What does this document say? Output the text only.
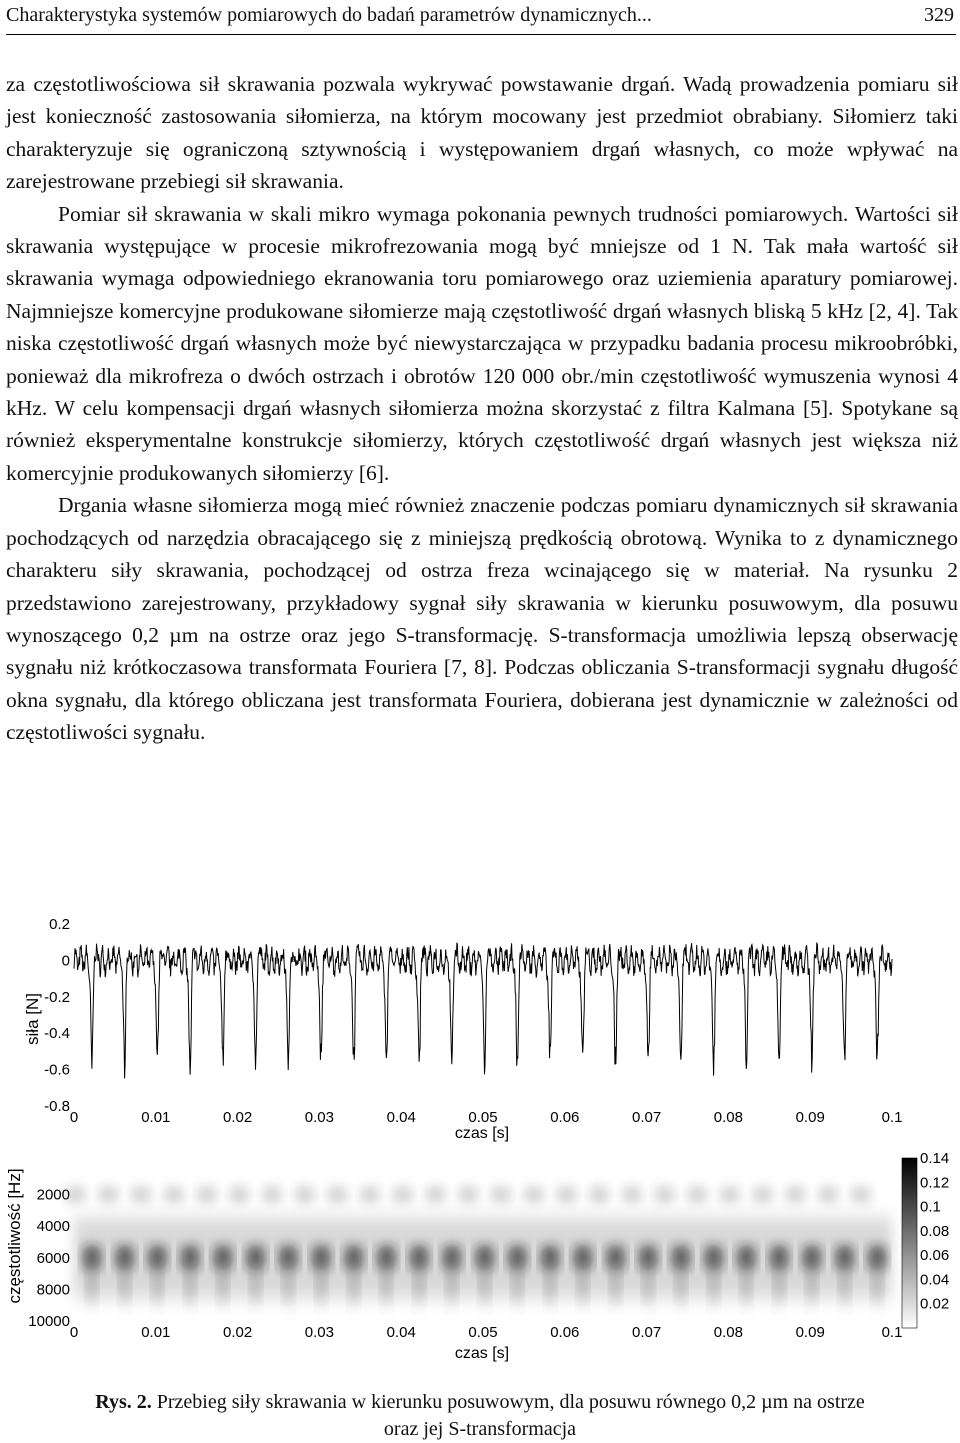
Charakterystyka systemów pomiarowych do badań parametrów dynamicznych...	329

za częstotliwościowa sił skrawania pozwala wykrywać powstawanie drgań. Wadą prowadzenia pomiaru sił jest konieczność zastosowania siłomierza, na którym mocowany jest przedmiot obrabiany. Siłomierz taki charakteryzuje się ograniczoną sztywnością i występowaniem drgań własnych, co może wpływać na zarejestrowane przebiegi sił skrawania.

Pomiar sił skrawania w skali mikro wymaga pokonania pewnych trudności pomiarowych. Wartości sił skrawania występujące w procesie mikrofrezowania mogą być mniejsze od 1 N. Tak mała wartość sił skrawania wymaga odpowiedniego ekranowania toru pomiarowego oraz uziemienia aparatury pomiarowej. Najmniejsze komercyjne produkowane siłomierze mają częstotliwość drgań własnych bliską 5 kHz [2, 4]. Tak niska częstotliwość drgań własnych może być niewystarczająca w przypadku badania procesu mikroobróbki, ponieważ dla mikrofreza o dwóch ostrzach i obrotów 120 000 obr./min częstotliwość wymuszenia wynosi 4 kHz. W celu kompensacji drgań własnych siłomierza można skorzystać z filtra Kalmana [5]. Spotykane są również eksperymentalne konstrukcje siłomierzy, których częstotliwość drgań własnych jest większa niż komercyjnie produkowanych siłomierzy [6].

Drgania własne siłomierza mogą mieć również znaczenie podczas pomiaru dynamicznych sił skrawania pochodzących od narzędzia obracającego się z miniejszą prędkością obrotową. Wynika to z dynamicznego charakteru siły skrawania, pochodzącej od ostrza freza wcinającego się w materiał. Na rysunku 2 przedstawiono zarejestrowany, przykładowy sygnał siły skrawania w kierunku posuwowym, dla posuwu wynoszącego 0,2 µm na ostrze oraz jego S-transformację. S-transformacja umożliwia lepszą obserwację sygnału niż krótkoczasowa transformata Fouriera [7, 8]. Podczas obliczania S-transformacji sygnału długość okna sygnału, dla którego obliczana jest transformata Fouriera, dobierana jest dynamicznie w zależności od częstotliwości sygnału.

0.2
0
-0.2
-0.4
-0.6
-0.8
0	0.01	0.02	0.03	0.04	0.05	0.06	0.07	0.08	0.09	0.1
siła [N]
czas [s]
2000
4000
6000
8000
10000
0	0.01	0.02	0.03	0.04	0.05	0.06	0.07	0.08	0.09	0.1
częstotliwość [Hz]
czas [s]
0.14
0.12
0.1
0.08
0.06
0.04
0.02
Rys. 2. Przebieg siły skrawania w kierunku posuwowym, dla posuwu równego 0,2 µm na ostrze
oraz jej S-transformacja
